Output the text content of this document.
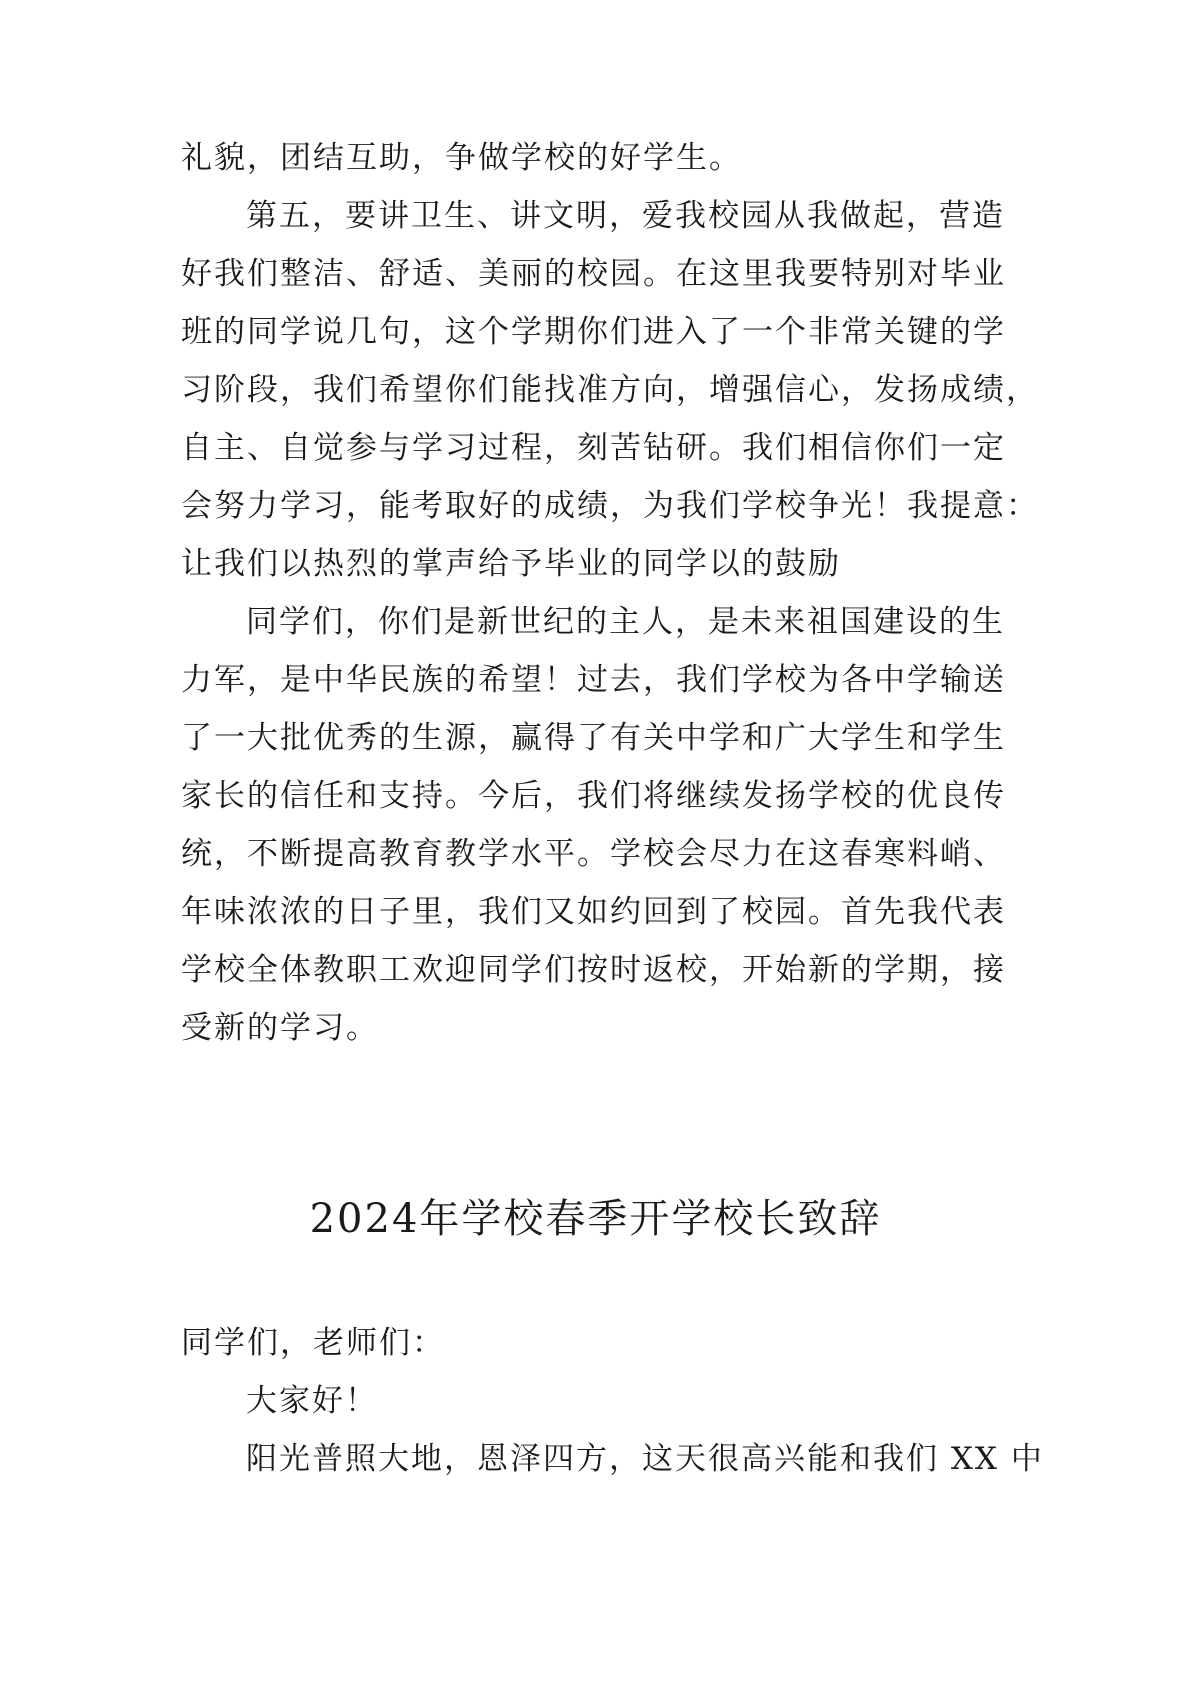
礼貌，团结互助，争做学校的好学生。
第五，要讲卫生、讲文明，爱我校园从我做起，营造
好我们整洁、舒适、美丽的校园。在这里我要特别对毕业
班的同学说几句，这个学期你们进入了一个非常关键的学
习阶段，我们希望你们能找准方向，增强信心，发扬成绩，
自主、自觉参与学习过程，刻苦钻研。我们相信你们一定
会努力学习，能考取好的成绩，为我们学校争光！我提意：
让我们以热烈的掌声给予毕业的同学以的鼓励
同学们，你们是新世纪的主人，是未来祖国建设的生
力军，是中华民族的希望！过去，我们学校为各中学输送
了一大批优秀的生源，赢得了有关中学和广大学生和学生
家长的信任和支持。今后，我们将继续发扬学校的优良传
统，不断提高教育教学水平。学校会尽力在这春寒料峭、
年味浓浓的日子里，我们又如约回到了校园。首先我代表
学校全体教职工欢迎同学们按时返校，开始新的学期，接
受新的学习。
2024年学校春季开学校长致辞
同学们，老师们：
大家好！
阳光普照大地，恩泽四方，这天很高兴能和我们 XX 中
